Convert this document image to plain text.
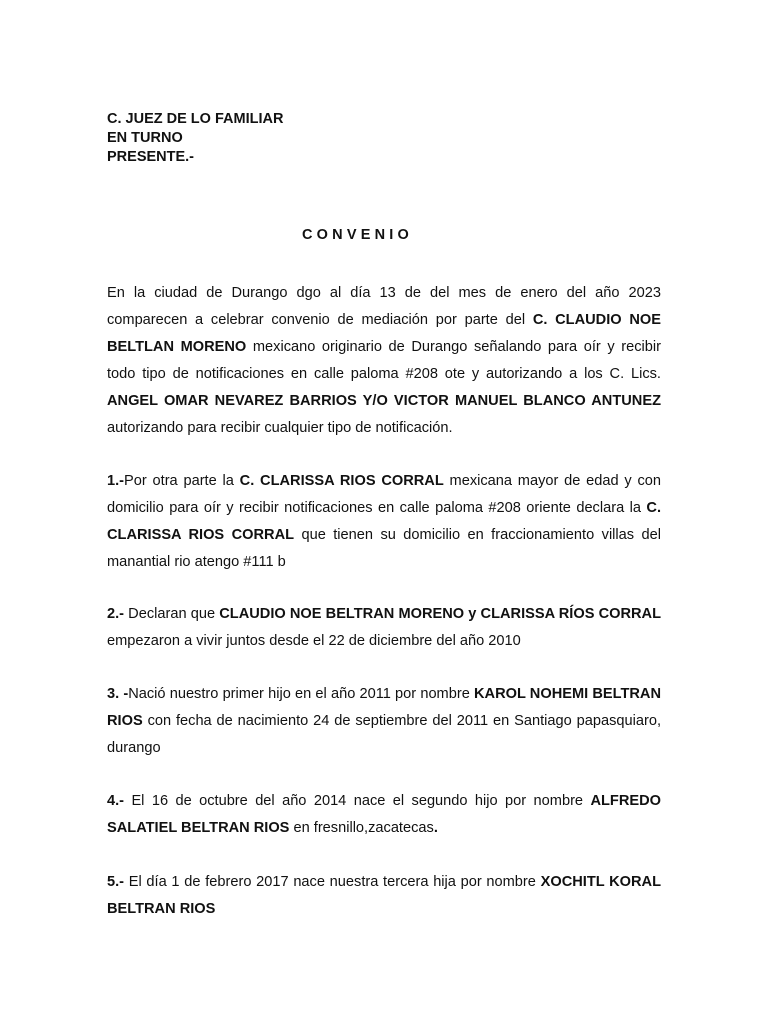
C. JUEZ DE LO FAMILIAR
EN TURNO
PRESENTE.-
CONVENIO

En la ciudad de Durango dgo al día 13 de del mes de enero del año 2023 comparecen a celebrar convenio de mediación por parte del C. CLAUDIO NOE BELTLAN MORENO mexicano originario de Durango señalando para oír y recibir todo tipo de notificaciones en calle paloma #208 ote y autorizando a los C. Lics. ANGEL OMAR NEVAREZ BARRIOS Y/O VICTOR MANUEL BLANCO ANTUNEZ autorizando para recibir cualquier tipo de notificación.

1.-Por otra parte la C. CLARISSA RIOS CORRAL mexicana mayor de edad y con domicilio para oír y recibir notificaciones en calle paloma #208 oriente declara la C. CLARISSA RIOS CORRAL que tienen su domicilio en fraccionamiento villas del manantial rio atengo #111 b

2.- Declaran que CLAUDIO NOE BELTRAN MORENO y CLARISSA RÍOS CORRAL empezaron a vivir juntos desde el 22 de diciembre del año 2010

3. -Nació nuestro primer hijo en el año 2011 por nombre KAROL NOHEMI BELTRAN RIOS con fecha de nacimiento 24 de septiembre del 2011 en Santiago papasquiaro, durango

4.- El 16 de octubre del año 2014 nace el segundo hijo por nombre ALFREDO SALATIEL BELTRAN RIOS en fresnillo,zacatecas.

5.- El día 1 de febrero 2017 nace nuestra tercera hija por nombre XOCHITL KORAL BELTRAN RIOS
